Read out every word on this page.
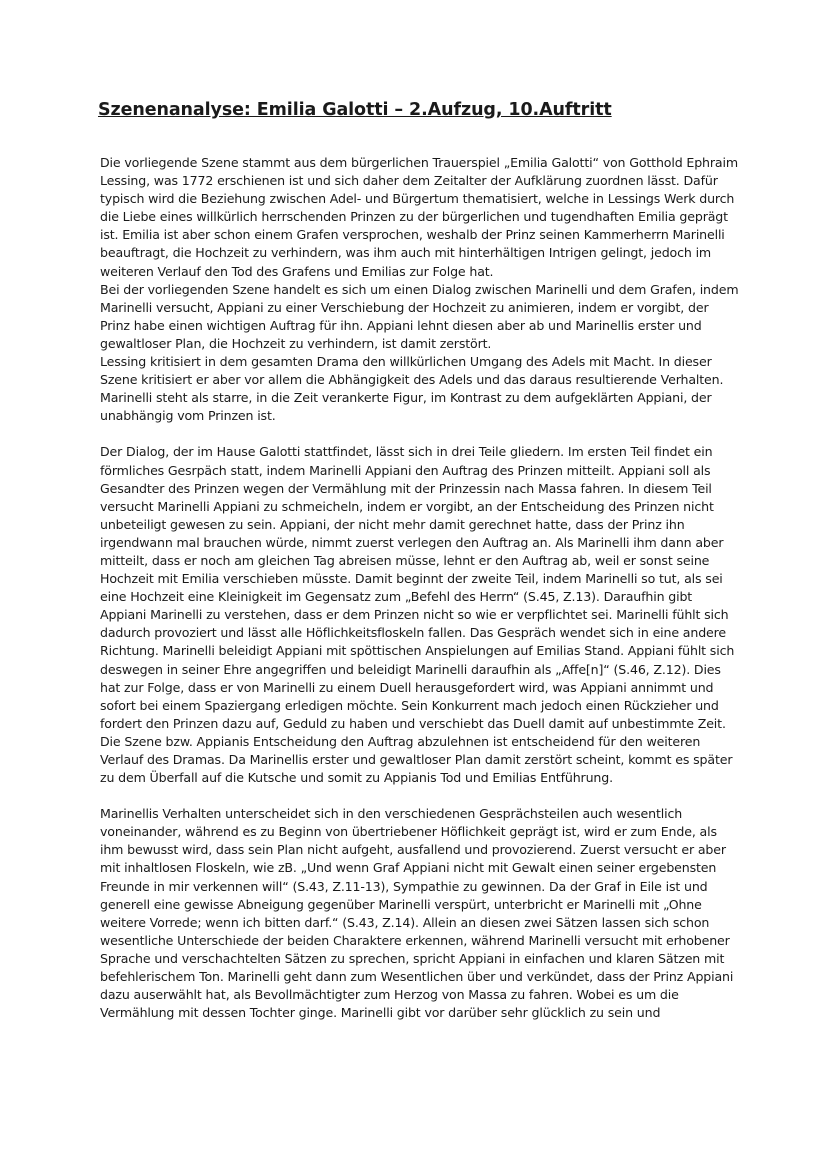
Szenenanalyse: Emilia Galotti – 2.Aufzug, 10.Auftritt

Die vorliegende Szene stammt aus dem bürgerlichen Trauerspiel „Emilia Galotti“ von Gotthold Ephraim Lessing, was 1772 erschienen ist und sich daher dem Zeitalter der Aufklärung zuordnen lässt. Dafür typisch wird die Beziehung zwischen Adel- und Bürgertum thematisiert, welche in Lessings Werk durch die Liebe eines willkürlich herrschenden Prinzen zu der bürgerlichen und tugendhaften Emilia geprägt ist. Emilia ist aber schon einem Grafen versprochen, weshalb der Prinz seinen Kammerherrn Marinelli beauftragt, die Hochzeit zu verhindern, was ihm auch mit hinterhältigen Intrigen gelingt, jedoch im weiteren Verlauf den Tod des Grafens und Emilias zur Folge hat.

Bei der vorliegenden Szene handelt es sich um einen Dialog zwischen Marinelli und dem Grafen, indem Marinelli versucht, Appiani zu einer Verschiebung der Hochzeit zu animieren, indem er vorgibt, der Prinz habe einen wichtigen Auftrag für ihn. Appiani lehnt diesen aber ab und Marinellis erster und gewaltloser Plan, die Hochzeit zu verhindern, ist damit zerstört.

Lessing kritisiert in dem gesamten Drama den willkürlichen Umgang des Adels mit Macht. In dieser Szene kritisiert er aber vor allem die Abhängigkeit des Adels und das daraus resultierende Verhalten. Marinelli steht als starre, in die Zeit verankerte Figur, im Kontrast zu dem aufgeklärten Appiani, der unabhängig vom Prinzen ist.

Der Dialog, der im Hause Galotti stattfindet, lässt sich in drei Teile gliedern. Im ersten Teil findet ein förmliches Gesrpäch statt, indem Marinelli Appiani den Auftrag des Prinzen mitteilt. Appiani soll als Gesandter des Prinzen wegen der Vermählung mit der Prinzessin nach Massa fahren. In diesem Teil versucht Marinelli Appiani zu schmeicheln, indem er vorgibt, an der Entscheidung des Prinzen nicht unbeteiligt gewesen zu sein. Appiani, der nicht mehr damit gerechnet hatte, dass der Prinz ihn irgendwann mal brauchen würde, nimmt zuerst verlegen den Auftrag an. Als Marinelli ihm dann aber mitteilt, dass er noch am gleichen Tag abreisen müsse, lehnt er den Auftrag ab, weil er sonst seine Hochzeit mit Emilia verschieben müsste. Damit beginnt der zweite Teil, indem Marinelli so tut, als sei eine Hochzeit eine Kleinigkeit im Gegensatz zum „Befehl des Herrn“ (S.45, Z.13). Daraufhin gibt Appiani Marinelli zu verstehen, dass er dem Prinzen nicht so wie er verpflichtet sei. Marinelli fühlt sich dadurch provoziert und lässt alle Höflichkeitsfloskeln fallen. Das Gespräch wendet sich in eine andere Richtung. Marinelli beleidigt Appiani mit spöttischen Anspielungen auf Emilias Stand. Appiani fühlt sich deswegen in seiner Ehre angegriffen und beleidigt Marinelli daraufhin als „Affe[n]“ (S.46, Z.12). Dies hat zur Folge, dass er von Marinelli zu einem Duell herausgefordert wird, was Appiani annimmt und sofort bei einem Spaziergang erledigen möchte. Sein Konkurrent mach jedoch einen Rückzieher und fordert den Prinzen dazu auf, Geduld zu haben und verschiebt das Duell damit auf unbestimmte Zeit.

Die Szene bzw. Appianis Entscheidung den Auftrag abzulehnen ist entscheidend für den weiteren Verlauf des Dramas. Da Marinellis erster und gewaltloser Plan damit zerstört scheint, kommt es später zu dem Überfall auf die Kutsche und somit zu Appianis Tod und Emilias Entführung.

Marinellis Verhalten unterscheidet sich in den verschiedenen Gesprächsteilen auch wesentlich voneinander, während es zu Beginn von übertriebener Höflichkeit geprägt ist, wird er zum Ende, als ihm bewusst wird, dass sein Plan nicht aufgeht, ausfallend und provozierend. Zuerst versucht er aber mit inhaltlosen Floskeln, wie zB. „Und wenn Graf Appiani nicht mit Gewalt einen seiner ergebensten Freunde in mir verkennen will“ (S.43, Z.11-13), Sympathie zu gewinnen. Da der Graf in Eile ist und generell eine gewisse Abneigung gegenüber Marinelli verspürt, unterbricht er Marinelli mit „Ohne weitere Vorrede; wenn ich bitten darf.“ (S.43, Z.14). Allein an diesen zwei Sätzen lassen sich schon wesentliche Unterschiede der beiden Charaktere erkennen, während Marinelli versucht mit erhobener Sprache und verschachtelten Sätzen zu sprechen, spricht Appiani in einfachen und klaren Sätzen mit befehlerischem Ton. Marinelli geht dann zum Wesentlichen über und verkündet, dass der Prinz Appiani dazu auserwählt hat, als Bevollmächtigter zum Herzog von Massa zu fahren. Wobei es um die Vermählung mit dessen Tochter ginge. Marinelli gibt vor darüber sehr glücklich zu sein und
